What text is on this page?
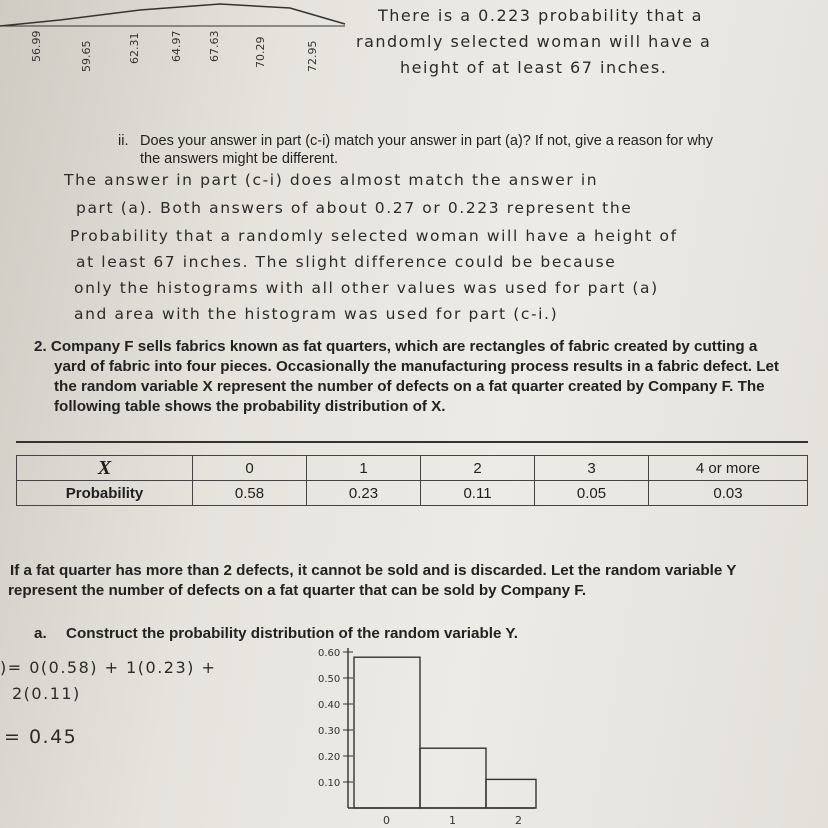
56.99	59.65	62.31	64.97 67.63	70.29	72.95
There is a 0.223 probability that a
randomly selected woman will have a
height of at least 67 inches.
ii. Does your answer in part (c-i) match your answer in part (a)? If not, give a reason for why
the answers might be different.
The answer in part (c-i) does almost match the answer in
part (a). Both answers of about 0.27 or 0.223 represent the
Probability that a randomly selected woman will have a height of
at least 67 inches. The slight difference could be because
only the histograms with all other values was used for part (a)
and area with the histogram was used for part (c-i.)
2. Company F sells fabrics known as fat quarters, which are rectangles of fabric created by cutting a
yard of fabric into four pieces. Occasionally the manufacturing process results in a fabric defect. Let
the random variable X represent the number of defects on a fat quarter created by Company F. The
following table shows the probability distribution of X.
X	0	1	2	3	4 or more
Probability	0.58	0.23	0.11	0.05	0.03
If a fat quarter has more than 2 defects, it cannot be sold and is discarded. Let the random variable Y
represent the number of defects on a fat quarter that can be sold by Company F.
a. Construct the probability distribution of the random variable Y.
)= 0(0.58) + 1(0.23) +
2(0.11)
= 0.45
0.60
0.50
0.40
0.30
0.20
0.10
0	1	2
